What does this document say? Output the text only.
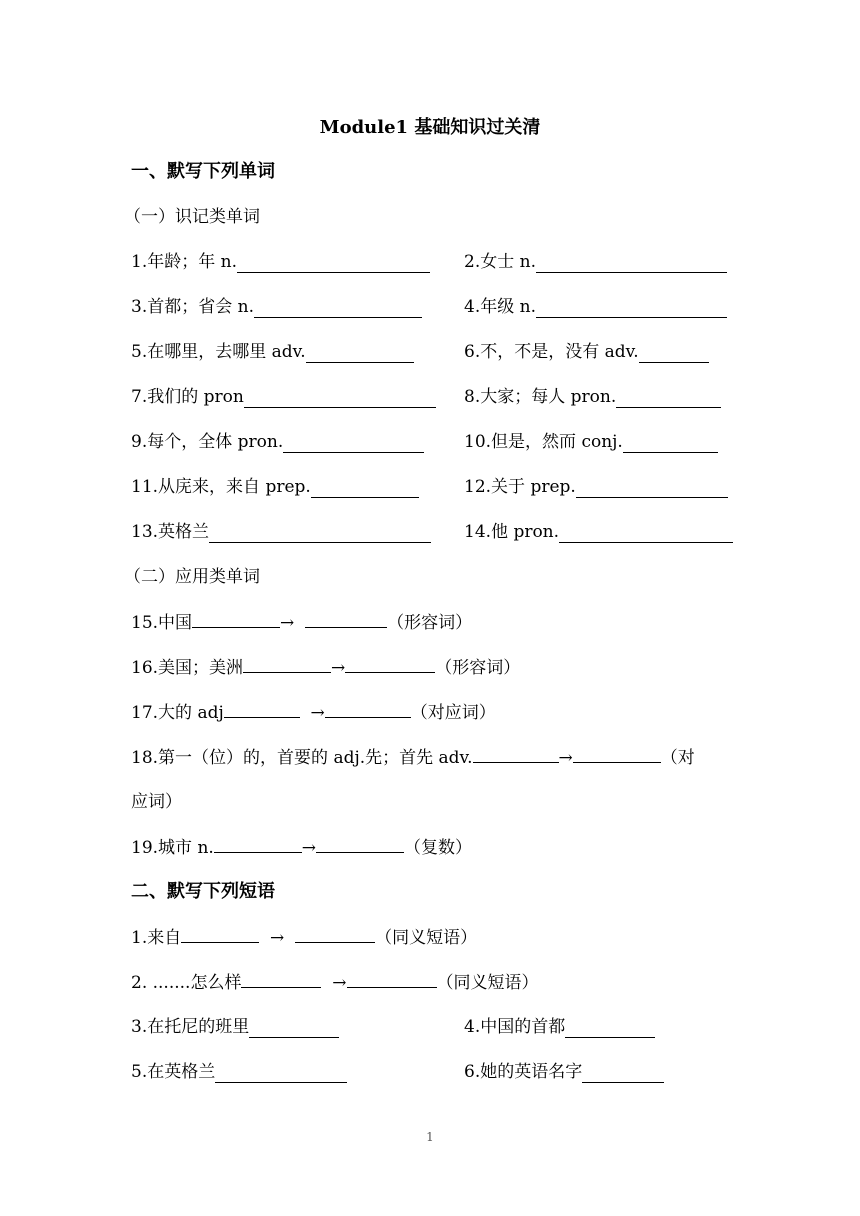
Module1 基础知识过关清
一、默写下列单词
（一）识记类单词
1.年龄；年 n.	2.女士 n.
3.首都；省会 n.	4.年级 n.
5.在哪里，去哪里 adv.	6.不，不是，没有 adv.
7.我们的 pron	8.大家；每人 pron.
9.每个，全体 pron.	10.但是，然而 conj.
11.从庑来，来自 prep.	12.关于 prep.
13.英格兰	14.他 pron.
（二）应用类单词
15.中国	→	（形容词）
16.美国；美洲	→	（形容词）
17.大的 adj	→	（对应词）
18.第一（位）的，首要的 adj.先；首先 adv.	→	（对
应词）
19.城市 n.	→	（复数）
二、默写下列短语
1.来自	→	（同义短语）
2. .......怎么样	→	（同义短语）
3.在托尼的班里	4.中国的首都
5.在英格兰	6.她的英语名字
1
